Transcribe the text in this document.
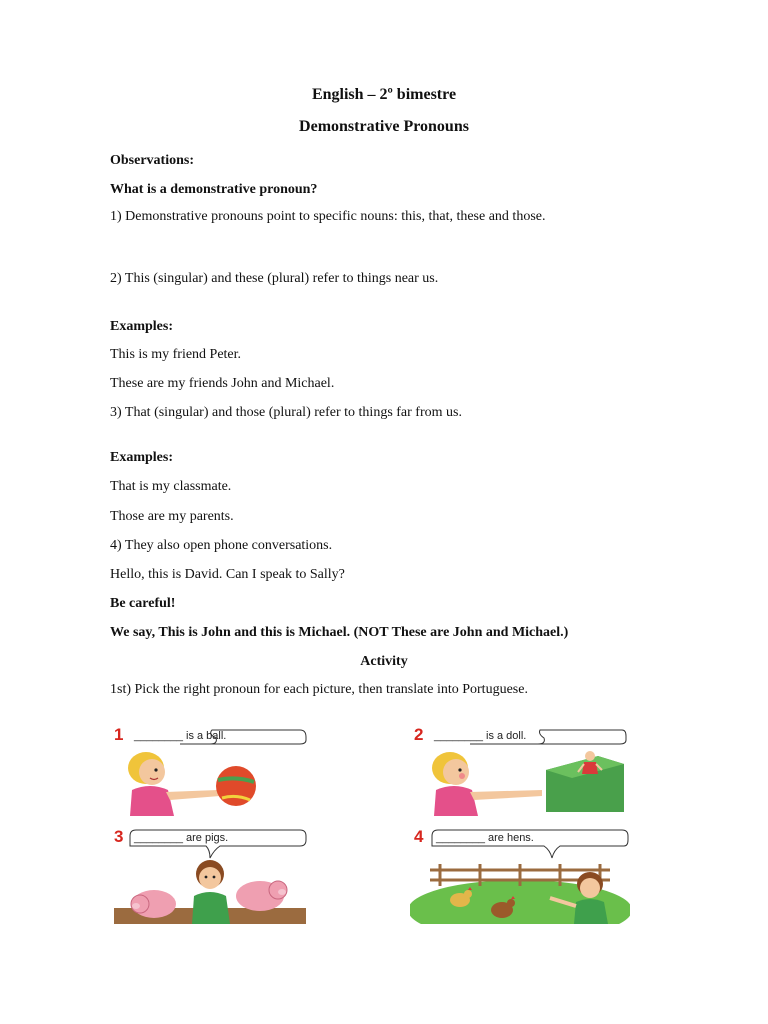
English – 2º bimestre
Demonstrative Pronouns
Observations:
What is a demonstrative pronoun?
1) Demonstrative pronouns point to specific nouns: this, that, these and those.
2) This (singular) and these (plural) refer to things near us.
Examples:
This is my friend Peter.
These are my friends John and Michael.
3) That (singular) and those (plural) refer to things far from us.
Examples:
That is my classmate.
Those are my parents.
4) They also open phone conversations.
Hello, this is David. Can I speak to Sally?
Be careful!
We say, This is John and this is Michael. (NOT These are John and Michael.)
Activity
1st) Pick the right pronoun for each picture, then translate into Portuguese.
1 ________ is a ball.	2 ________ is a doll.
3 ________ are pigs.	4 ________ are hens.
